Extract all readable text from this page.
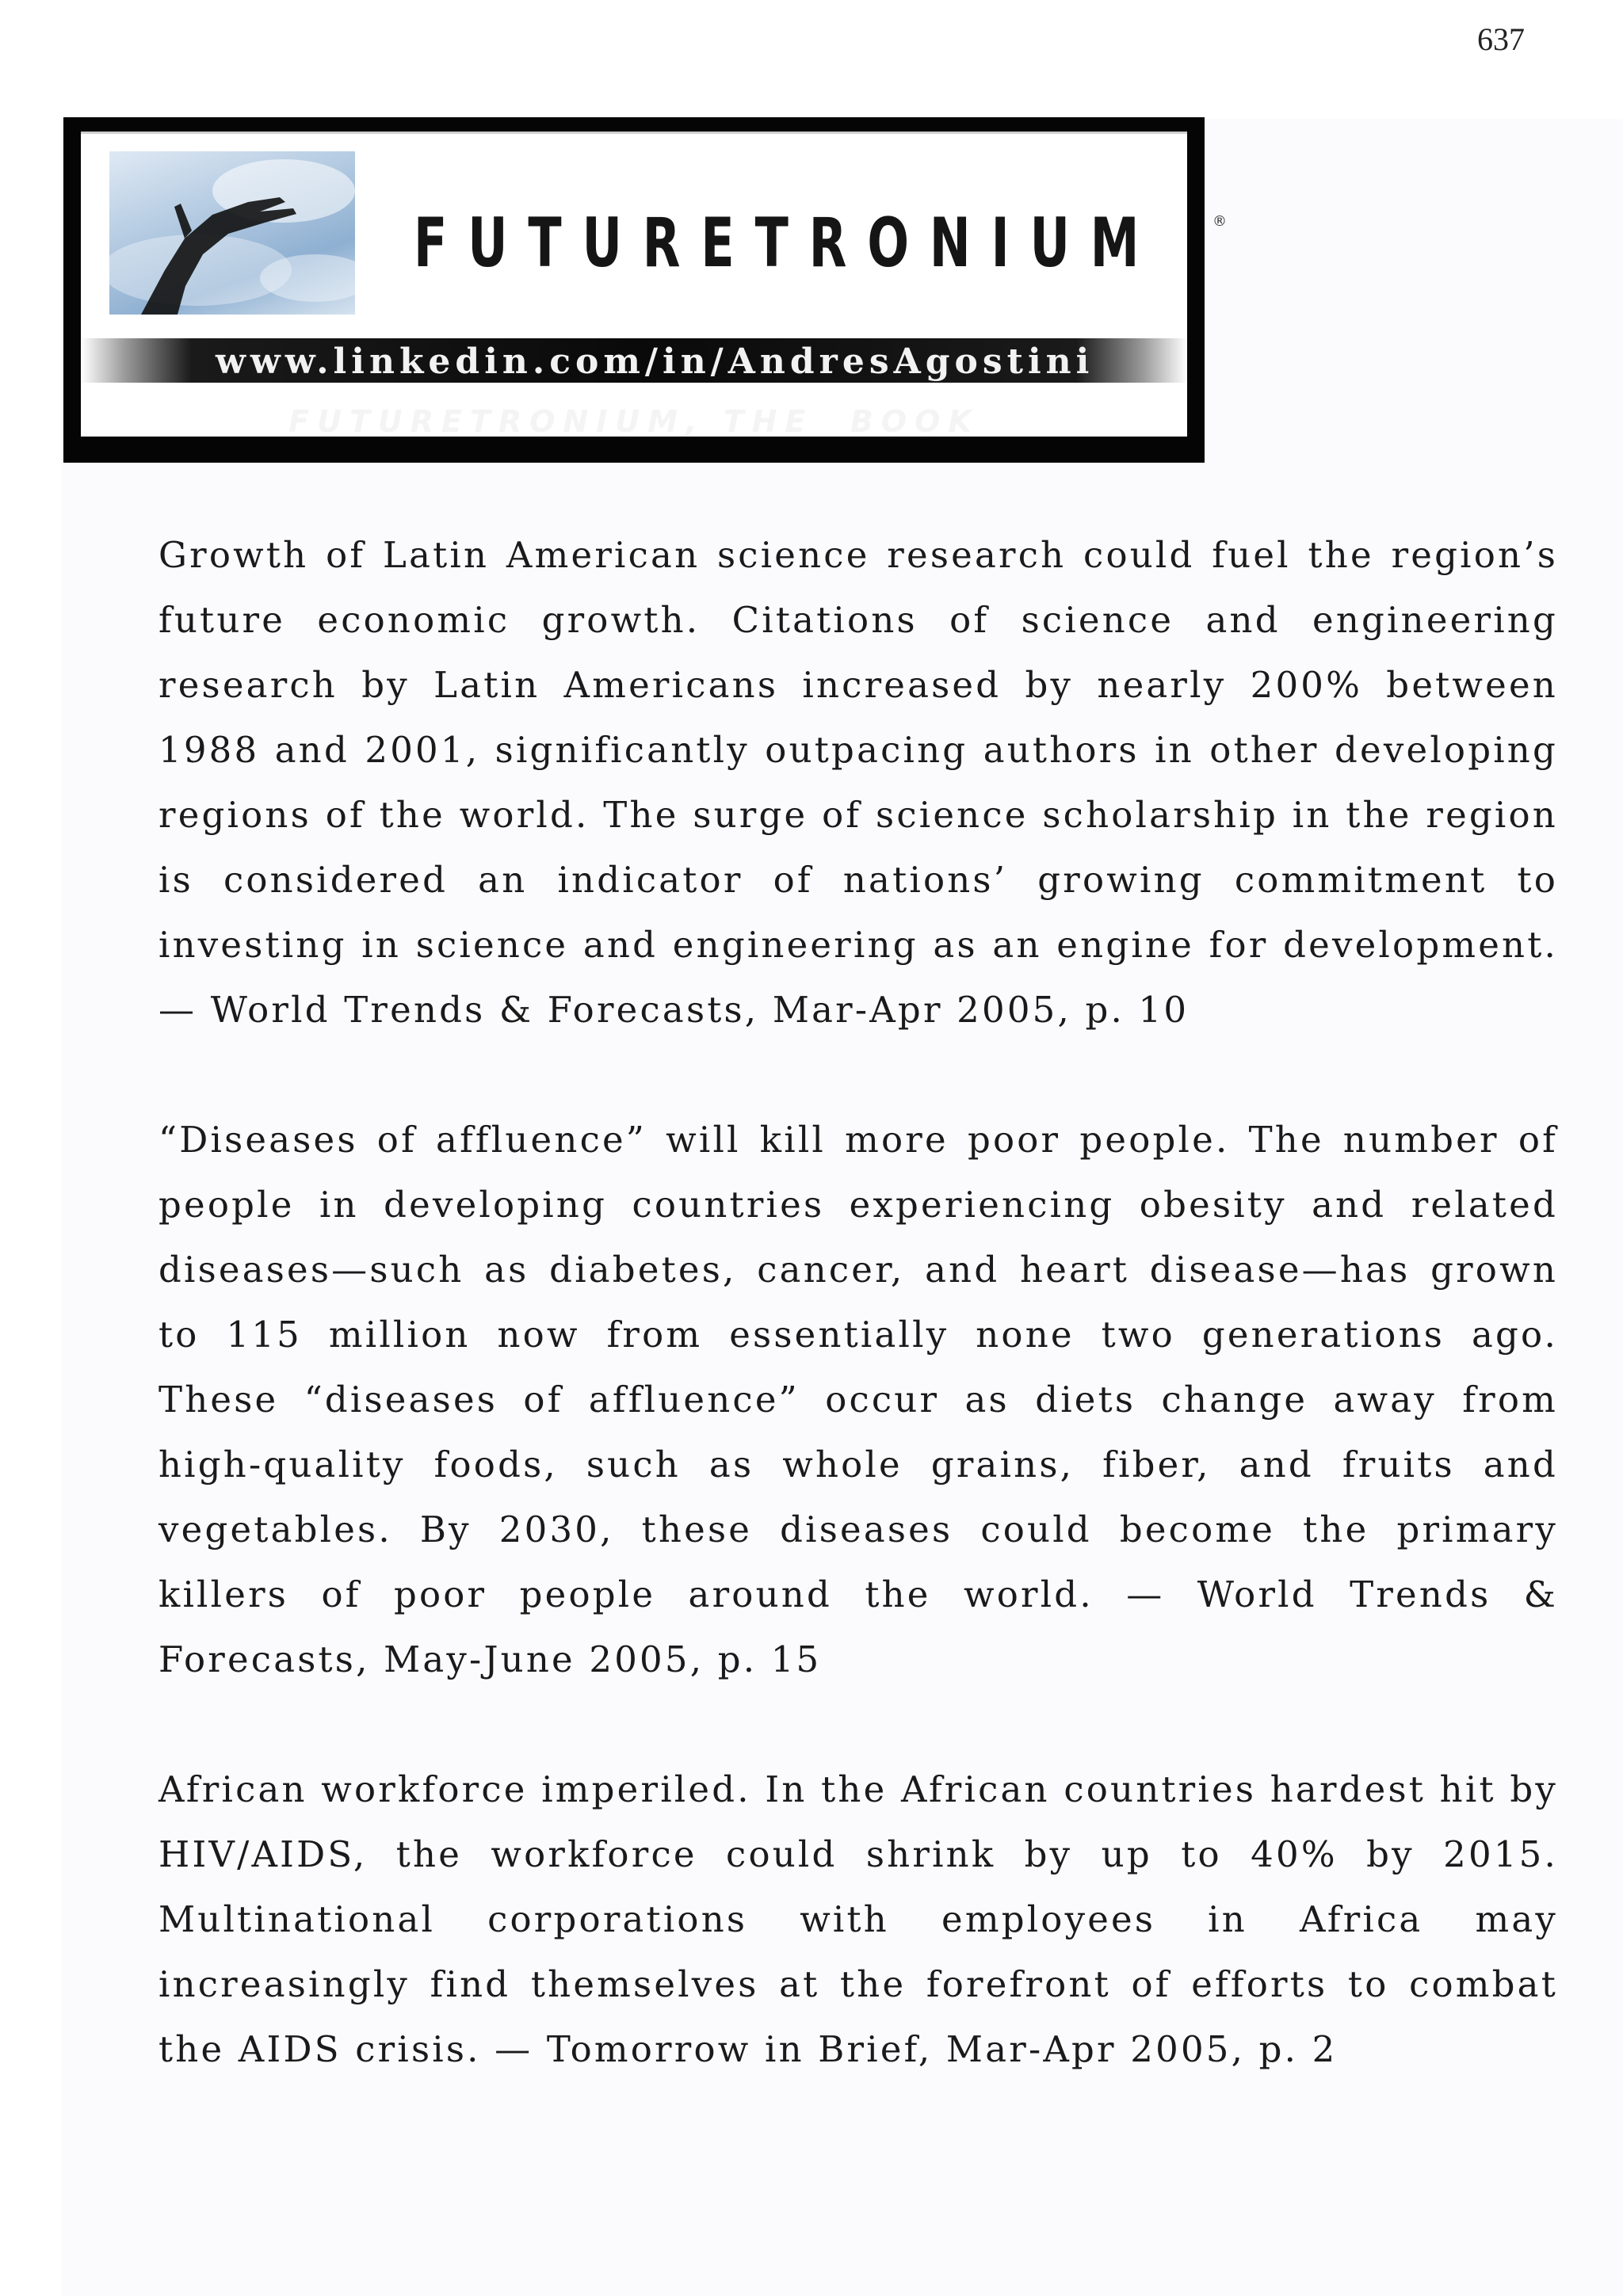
637
FUTURETRONIUM	®
www.linkedin.com/in/AndresAgostini
FUTURETRONIUM, THE  BOOK

Growth of Latin American science research could fuel the region’s future economic growth. Citations of science and engineering research by Latin Americans increased by nearly 200% between 1988 and 2001, significantly outpacing authors in other developing regions of the world. The surge of science scholarship in the region is considered an indicator of nations’ growing commitment to investing in science and engineering as an engine for development. — World Trends & Forecasts, Mar-Apr 2005, p. 10

“Diseases of affluence” will kill more poor people. The number of people in developing countries experiencing obesity and related diseases—such as diabetes, cancer, and heart disease—has grown to 115 million now from essentially none two generations ago. These “diseases of affluence” occur as diets change away from high-quality foods, such as whole grains, fiber, and fruits and vegetables. By 2030, these diseases could become the primary killers of poor people around the world. — World Trends & Forecasts, May-June 2005, p. 15

African workforce imperiled. In the African countries hardest hit by HIV/AIDS, the workforce could shrink by up to 40% by 2015. Multinational corporations with employees in Africa may increasingly find themselves at the forefront of efforts to combat the AIDS crisis. — Tomorrow in Brief, Mar-Apr 2005, p. 2
